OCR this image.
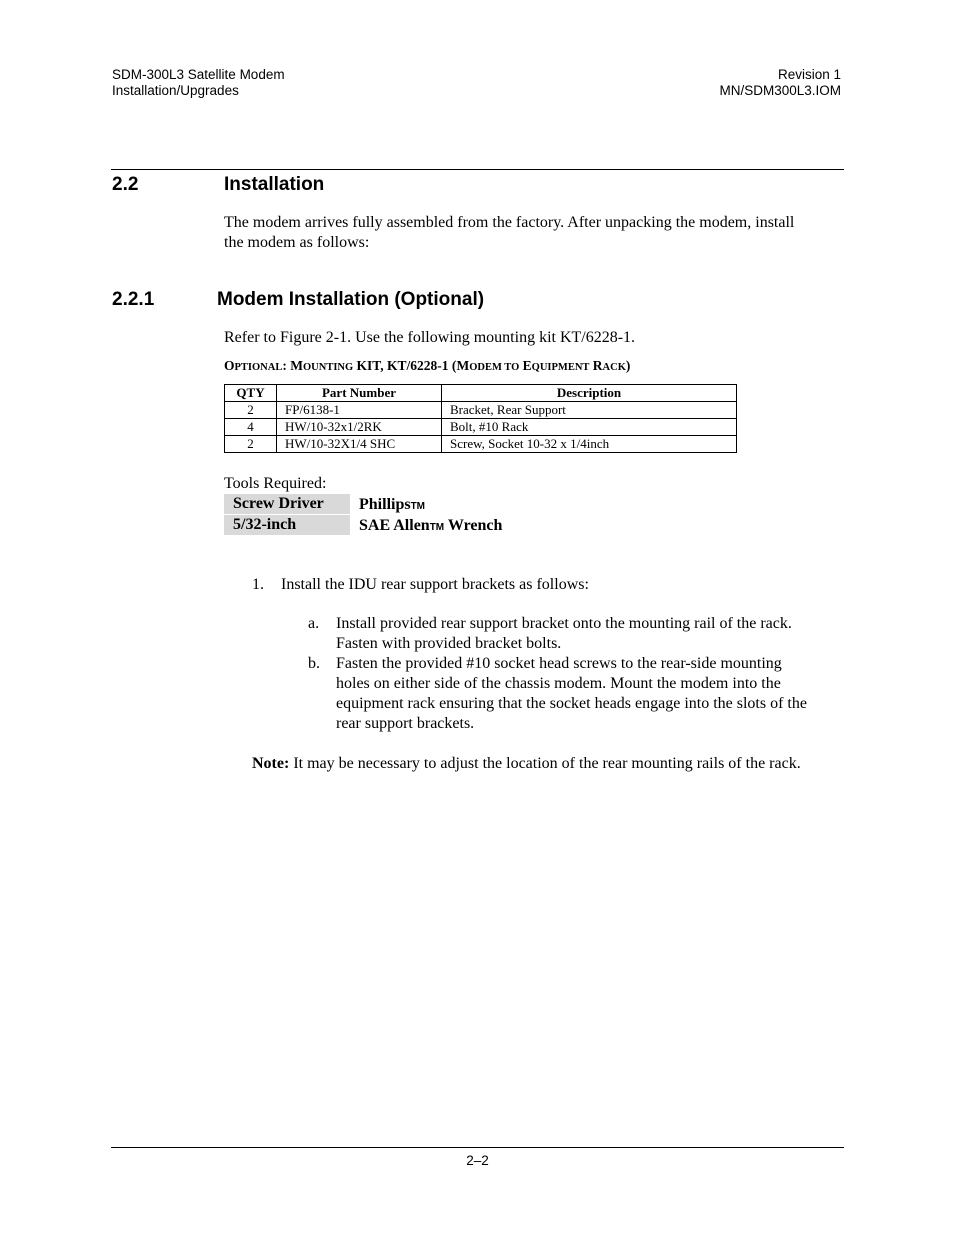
SDM-300L3 Satellite Modem
Installation/Upgrades
Revision 1
MN/SDM300L3.IOM
2.2	Installation
The modem arrives fully assembled from the factory. After unpacking the modem, install
the modem as follows:
2.2.1	Modem Installation (Optional)
Refer to Figure 2-1. Use the following mounting kit KT/6228-1.
OPTIONAL: MOUNTING KIT, KT/6228-1 (MODEM TO EQUIPMENT RACK)
QTY	Part Number	Description
2	FP/6138-1	Bracket, Rear Support
4	HW/10-32x1/2RK	Bolt, #10 Rack
2	HW/10-32X1/4 SHC	Screw, Socket 10-32 x 1/4inch
Tools Required:
Screw Driver	PhillipsTM
5/32-inch	SAE AllenTM Wrench
1. Install the IDU rear support brackets as follows:
a. Install provided rear support bracket onto the mounting rail of the rack.
Fasten with provided bracket bolts.
b. Fasten the provided #10 socket head screws to the rear-side mounting
holes on either side of the chassis modem. Mount the modem into the
equipment rack ensuring that the socket heads engage into the slots of the
rear support brackets.
Note: It may be necessary to adjust the location of the rear mounting rails of the rack.
2–2
